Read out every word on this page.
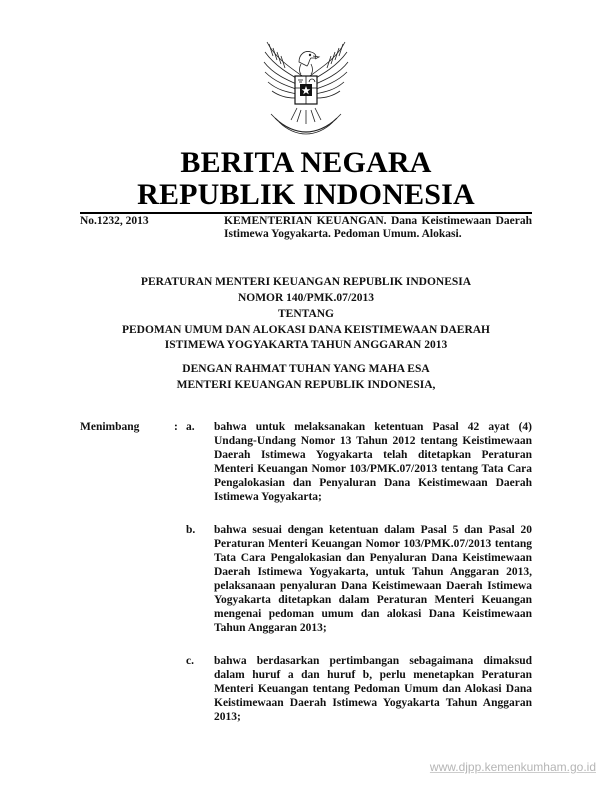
BERITA NEGARA
REPUBLIK INDONESIA
No.1232, 2013	KEMENTERIAN KEUANGAN. Dana Keistimewaan Daerah Istimewa Yogyakarta. Pedoman Umum. Alokasi.
PERATURAN MENTERI KEUANGAN REPUBLIK INDONESIA
NOMOR 140/PMK.07/2013
TENTANG
PEDOMAN UMUM DAN ALOKASI DANA KEISTIMEWAAN DAERAH
ISTIMEWA YOGYAKARTA TAHUN ANGGARAN 2013
DENGAN RAHMAT TUHAN YANG MAHA ESA
MENTERI KEUANGAN REPUBLIK INDONESIA,
Menimbang	: a. bahwa untuk melaksanakan ketentuan Pasal 42 ayat (4) Undang-Undang Nomor 13 Tahun 2012 tentang Keistimewaan Daerah Istimewa Yogyakarta telah ditetapkan Peraturan Menteri Keuangan Nomor 103/PMK.07/2013 tentang Tata Cara Pengalokasian dan Penyaluran Dana Keistimewaan Daerah Istimewa Yogyakarta;
b. bahwa sesuai dengan ketentuan dalam Pasal 5 dan Pasal 20 Peraturan Menteri Keuangan Nomor 103/PMK.07/2013 tentang Tata Cara Pengalokasian dan Penyaluran Dana Keistimewaan Daerah Istimewa Yogyakarta, untuk Tahun Anggaran 2013, pelaksanaan penyaluran Dana Keistimewaan Daerah Istimewa Yogyakarta ditetapkan dalam Peraturan Menteri Keuangan mengenai pedoman umum dan alokasi Dana Keistimewaan Tahun Anggaran 2013;
c. bahwa berdasarkan pertimbangan sebagaimana dimaksud dalam huruf a dan huruf b, perlu menetapkan Peraturan Menteri Keuangan tentang Pedoman Umum dan Alokasi Dana Keistimewaan Daerah Istimewa Yogyakarta Tahun Anggaran 2013;
www.djpp.kemenkumham.go.id
